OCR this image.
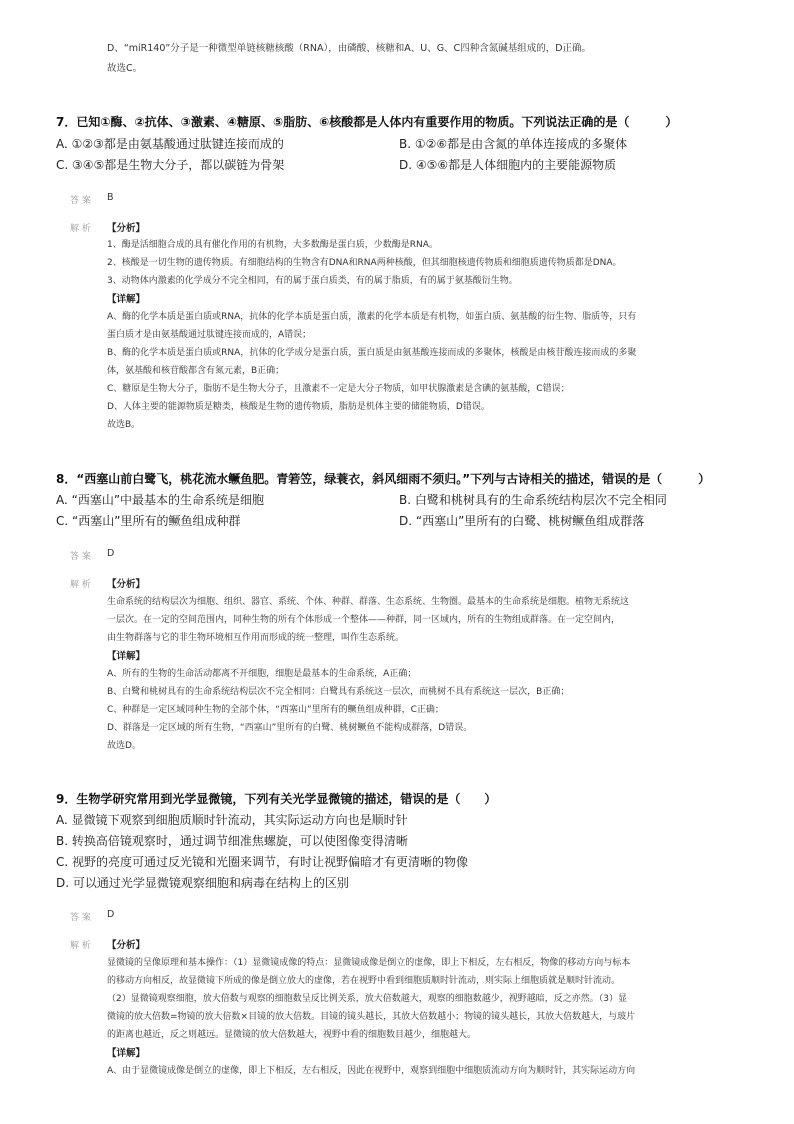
D、“miR140”分子是一种微型单链核糖核酸（RNA），由磷酸、核糖和A、U、G、C四种含氮碱基组成的，D正确。
故选C。
7．已知①酶、②抗体、③激素、④糖原、⑤脂肪、⑥核酸都是人体内有重要作用的物质。下列说法正确的是（　　　）
A. ①②③都是由氨基酸通过肽键连接而成的	B. ①②⑥都是由含氮的单体连接成的多聚体
C. ③④⑤都是生物大分子，都以碳链为骨架	D. ④⑤⑥都是人体细胞内的主要能源物质
答 案 B
解 析 【分析】
1、酶是活细胞合成的具有催化作用的有机物，大多数酶是蛋白质，少数酶是RNA。
2、核酸是一切生物的遗传物质。有细胞结构的生物含有DNA和RNA两种核酸，但其细胞核遗传物质和细胞质遗传物质都是DNA。
3、动物体内激素的化学成分不完全相同，有的属于蛋白质类，有的属于脂质，有的属于氨基酸衍生物。
【详解】
A、酶的化学本质是蛋白质或RNA，抗体的化学本质是蛋白质，激素的化学本质是有机物，如蛋白质、氨基酸的衍生物、脂质等，只有
蛋白质才是由氨基酸通过肽键连接而成的，A错误；
B、酶的化学本质是蛋白质或RNA，抗体的化学成分是蛋白质，蛋白质是由氨基酸连接而成的多聚体，核酸是由核苷酸连接而成的多聚
体，氨基酸和核苷酸都含有氮元素，B正确；
C、糖原是生物大分子，脂肪不是生物大分子，且激素不一定是大分子物质，如甲状腺激素是含碘的氨基酸，C错误；
D、人体主要的能源物质是糖类，核酸是生物的遗传物质，脂肪是机体主要的储能物质，D错误。
故选B。
8．“西塞山前白鹭飞，桃花流水鳜鱼肥。青箬笠，绿蓑衣，斜风细雨不须归。”下列与古诗相关的描述，错误的是（　　　）
A. “西塞山”中最基本的生命系统是细胞	B. 白鹭和桃树具有的生命系统结构层次不完全相同
C. “西塞山”里所有的鳜鱼组成种群	D. “西塞山”里所有的白鹭、桃树鳜鱼组成群落
答 案 D
解 析 【分析】
生命系统的结构层次为细胞、组织、器官、系统、个体、种群、群落、生态系统、生物圈。最基本的生命系统是细胞。植物无系统这
一层次。在一定的空间范围内，同种生物的所有个体形成一个整体——种群，同一区域内，所有的生物组成群落。在一定空间内，
由生物群落与它的非生物环境相互作用而形成的统一整理，叫作生态系统。
【详解】
A、所有的生物的生命活动都离不开细胞，细胞是最基本的生命系统，A正确；
B、白鹭和桃树具有的生命系统结构层次不完全相同：白鹭具有系统这一层次，而桃树不具有系统这一层次，B正确；
C、种群是一定区域同种生物的全部个体，“西塞山”里所有的鳜鱼组成种群，C正确；
D、群落是一定区域的所有生物，“西塞山”里所有的白鹭、桃树鳜鱼不能构成群落，D错误。
故选D。
9．生物学研究常用到光学显微镜，下列有关光学显微镜的描述，错误的是（　　）
A. 显微镜下观察到细胞质顺时针流动，其实际运动方向也是顺时针
B. 转换高倍镜观察时，通过调节细准焦螺旋，可以使图像变得清晰
C. 视野的亮度可通过反光镜和光圈来调节，有时让视野偏暗才有更清晰的物像
D. 可以通过光学显微镜观察细胞和病毒在结构上的区别
答 案 D
解 析 【分析】
显微镜的呈像原理和基本操作：（1）显微镜成像的特点：显微镜成像是倒立的虚像，即上下相反，左右相反，物像的移动方向与标本
的移动方向相反，故显微镜下所成的像是倒立放大的虚像，若在视野中看到细胞质顺时针流动，则实际上细胞质就是顺时针流动。
（2）显微镜观察细胞，放大倍数与观察的细胞数呈反比例关系，放大倍数越大，观察的细胞数越少，视野越暗，反之亦然。（3）显
微镜的放大倍数=物镜的放大倍数×目镜的放大倍数。目镜的镜头越长，其放大倍数越小；物镜的镜头越长，其放大倍数越大，与玻片
的距离也越近，反之则越远。显微镜的放大倍数越大，视野中看的细胞数目越少，细胞越大。
【详解】
A、由于显微镜成像是倒立的虚像，即上下相反，左右相反，因此在视野中，观察到细胞中细胞质流动方向为顺时针，其实际运动方向
